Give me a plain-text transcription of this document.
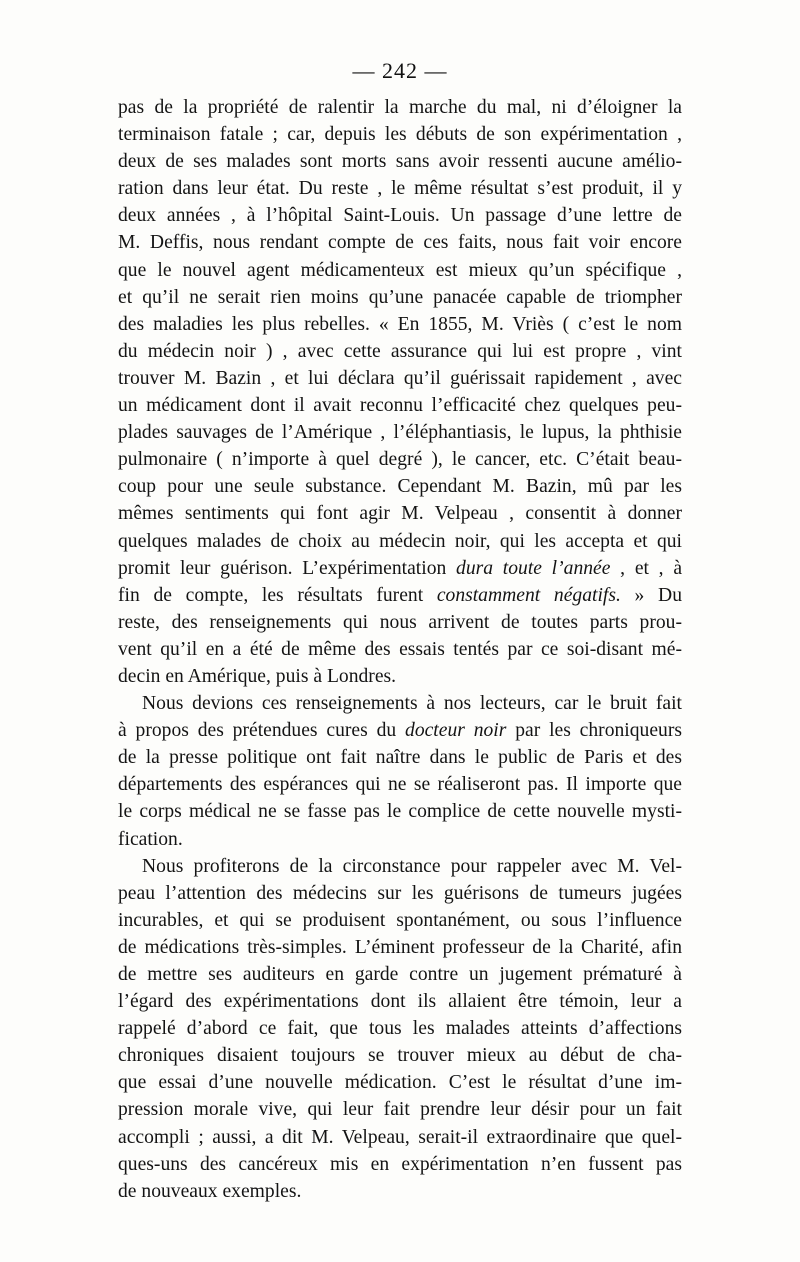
— 242 —
pas de la propriété de ralentir la marche du mal, ni d’éloigner la
terminaison fatale ; car, depuis les débuts de son expérimentation ,
deux de ses malades sont morts sans avoir ressenti aucune amélio-
ration dans leur état. Du reste , le même résultat s’est produit, il y
deux années , à l’hôpital Saint-Louis. Un passage d’une lettre de
M. Deffis, nous rendant compte de ces faits, nous fait voir encore
que le nouvel agent médicamenteux est mieux qu’un spécifique ,
et qu’il ne serait rien moins qu’une panacée capable de triompher
des maladies les plus rebelles. « En 1855, M. Vriès ( c’est le nom
du médecin noir ) , avec cette assurance qui lui est propre , vint
trouver M. Bazin , et lui déclara qu’il guérissait rapidement , avec
un médicament dont il avait reconnu l’efficacité chez quelques peu-
plades sauvages de l’Amérique , l’éléphantiasis, le lupus, la phthisie
pulmonaire ( n’importe à quel degré ), le cancer, etc. C’était beau-
coup pour une seule substance. Cependant M. Bazin, mû par les
mêmes sentiments qui font agir M. Velpeau , consentit à donner
quelques malades de choix au médecin noir, qui les accepta et qui
promit leur guérison. L’expérimentation dura toute l’année , et , à
fin de compte, les résultats furent constamment négatifs. » Du
reste, des renseignements qui nous arrivent de toutes parts prou-
vent qu’il en a été de même des essais tentés par ce soi-disant mé-
decin en Amérique, puis à Londres.
Nous devions ces renseignements à nos lecteurs, car le bruit fait
à propos des prétendues cures du docteur noir par les chroniqueurs
de la presse politique ont fait naître dans le public de Paris et des
départements des espérances qui ne se réaliseront pas. Il importe que
le corps médical ne se fasse pas le complice de cette nouvelle mysti-
fication.
Nous profiterons de la circonstance pour rappeler avec M. Vel-
peau l’attention des médecins sur les guérisons de tumeurs jugées
incurables, et qui se produisent spontanément, ou sous l’influence
de médications très-simples. L’éminent professeur de la Charité, afin
de mettre ses auditeurs en garde contre un jugement prématuré à
l’égard des expérimentations dont ils allaient être témoin, leur a
rappelé d’abord ce fait, que tous les malades atteints d’affections
chroniques disaient toujours se trouver mieux au début de cha-
que essai d’une nouvelle médication. C’est le résultat d’une im-
pression morale vive, qui leur fait prendre leur désir pour un fait
accompli ; aussi, a dit M. Velpeau, serait-il extraordinaire que quel-
ques-uns des cancéreux mis en expérimentation n’en fussent pas
de nouveaux exemples.
